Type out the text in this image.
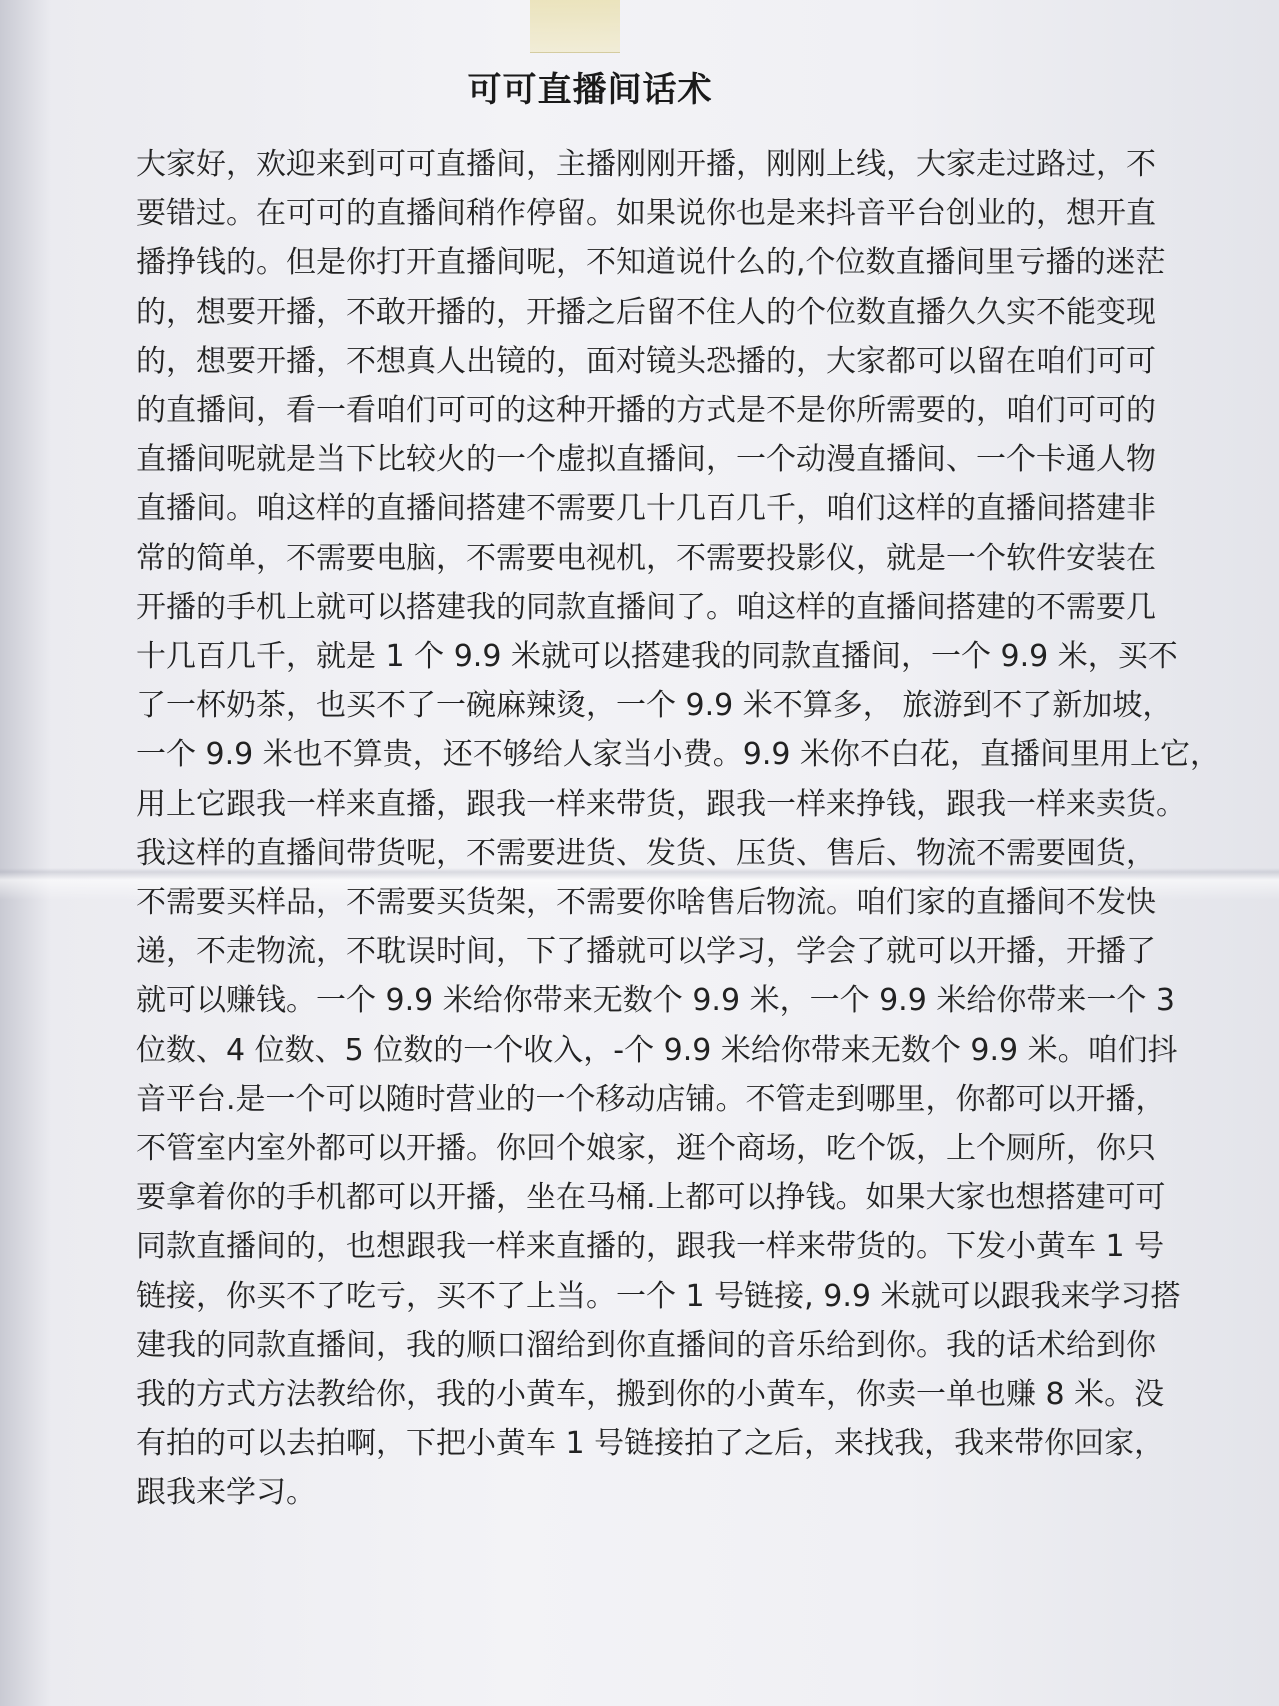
可可直播间话术
大家好，欢迎来到可可直播间，主播刚刚开播，刚刚上线，大家走过路过，不
要错过。在可可的直播间稍作停留。如果说你也是来抖音平台创业的，想开直
播挣钱的。但是你打开直播间呢，不知道说什么的,个位数直播间里亏播的迷茫
的，想要开播，不敢开播的，开播之后留不住人的个位数直播久久实不能变现
的，想要开播，不想真人出镜的，面对镜头恐播的，大家都可以留在咱们可可
的直播间，看一看咱们可可的这种开播的方式是不是你所需要的，咱们可可的
直播间呢就是当下比较火的一个虚拟直播间，一个动漫直播间、一个卡通人物
直播间。咱这样的直播间搭建不需要几十几百几千，咱们这样的直播间搭建非
常的简单，不需要电脑，不需要电视机，不需要投影仪，就是一个软件安装在
开播的手机上就可以搭建我的同款直播间了。咱这样的直播间搭建的不需要几
十几百几千，就是 1 个 9.9 米就可以搭建我的同款直播间，一个 9.9 米，买不
了一杯奶茶，也买不了一碗麻辣烫，一个 9.9 米不算多， 旅游到不了新加坡，
一个 9.9 米也不算贵，还不够给人家当小费。9.9 米你不白花，直播间里用上它，
用上它跟我一样来直播，跟我一样来带货，跟我一样来挣钱，跟我一样来卖货。
我这样的直播间带货呢，不需要进货、发货、压货、售后、物流不需要囤货，
不需要买样品，不需要买货架，不需要你啥售后物流。咱们家的直播间不发快
递，不走物流，不耽误时间，下了播就可以学习，学会了就可以开播，开播了
就可以赚钱。一个 9.9 米给你带来无数个 9.9 米，一个 9.9 米给你带来一个 3
位数、4 位数、5 位数的一个收入，-个 9.9 米给你带来无数个 9.9 米。咱们抖
音平台.是一个可以随时营业的一个移动店铺。不管走到哪里，你都可以开播，
不管室内室外都可以开播。你回个娘家，逛个商场，吃个饭，上个厕所，你只
要拿着你的手机都可以开播，坐在马桶.上都可以挣钱。如果大家也想搭建可可
同款直播间的，也想跟我一样来直播的，跟我一样来带货的。下发小黄车 1 号
链接，你买不了吃亏，买不了上当。一个 1 号链接, 9.9 米就可以跟我来学习搭
建我的同款直播间，我的顺口溜给到你直播间的音乐给到你。我的话术给到你
我的方式方法教给你，我的小黄车，搬到你的小黄车，你卖一单也赚 8 米。没
有拍的可以去拍啊，下把小黄车 1 号链接拍了之后，来找我，我来带你回家，
跟我来学习。
